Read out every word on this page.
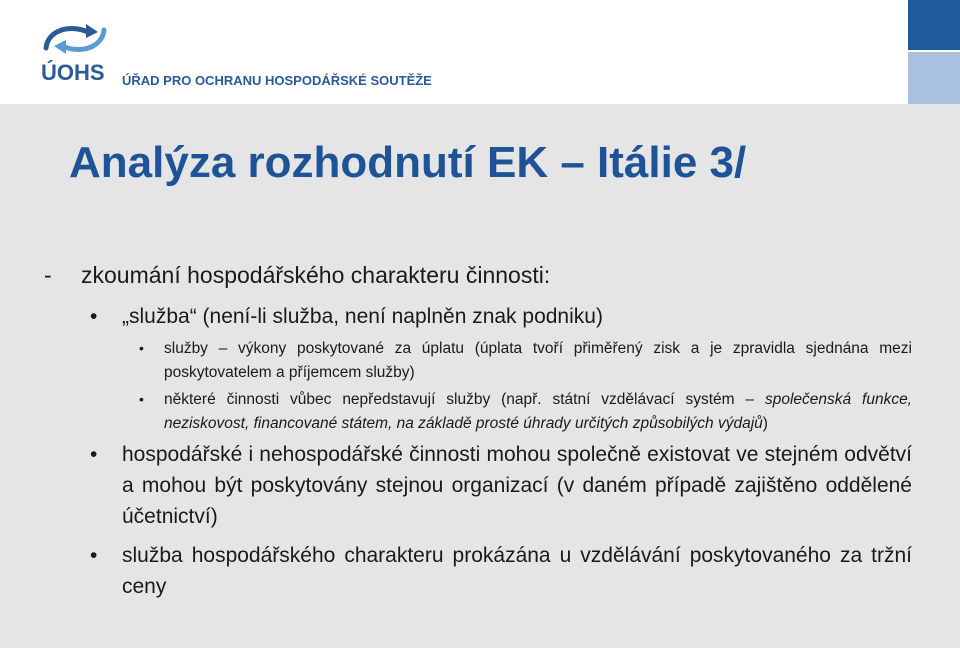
ÚOHS ÚŘAD PRO OCHRANU HOSPODÁŘSKÉ SOUTĚŽE
Analýza rozhodnutí EK – Itálie 3/
- zkoumání hospodářského charakteru činnosti:
• „služba“ (není-li služba, není naplněn znak podniku)
• služby – výkony poskytované za úplatu (úplata tvoří přiměřený zisk a je zpravidla sjednána mezi poskytovatelem a příjemcem služby)
• některé činnosti vůbec nepředstavují služby (např. státní vzdělávací systém – společenská funkce, neziskovost, financované státem, na základě prosté úhrady určitých způsobilých výdajů)
• hospodářské i nehospodářské činnosti mohou společně existovat ve stejném odvětví a mohou být poskytovány stejnou organizací (v daném případě zajištěno oddělené účetnictví)
• služba hospodářského charakteru prokázána u vzdělávání poskytovaného za tržní ceny
